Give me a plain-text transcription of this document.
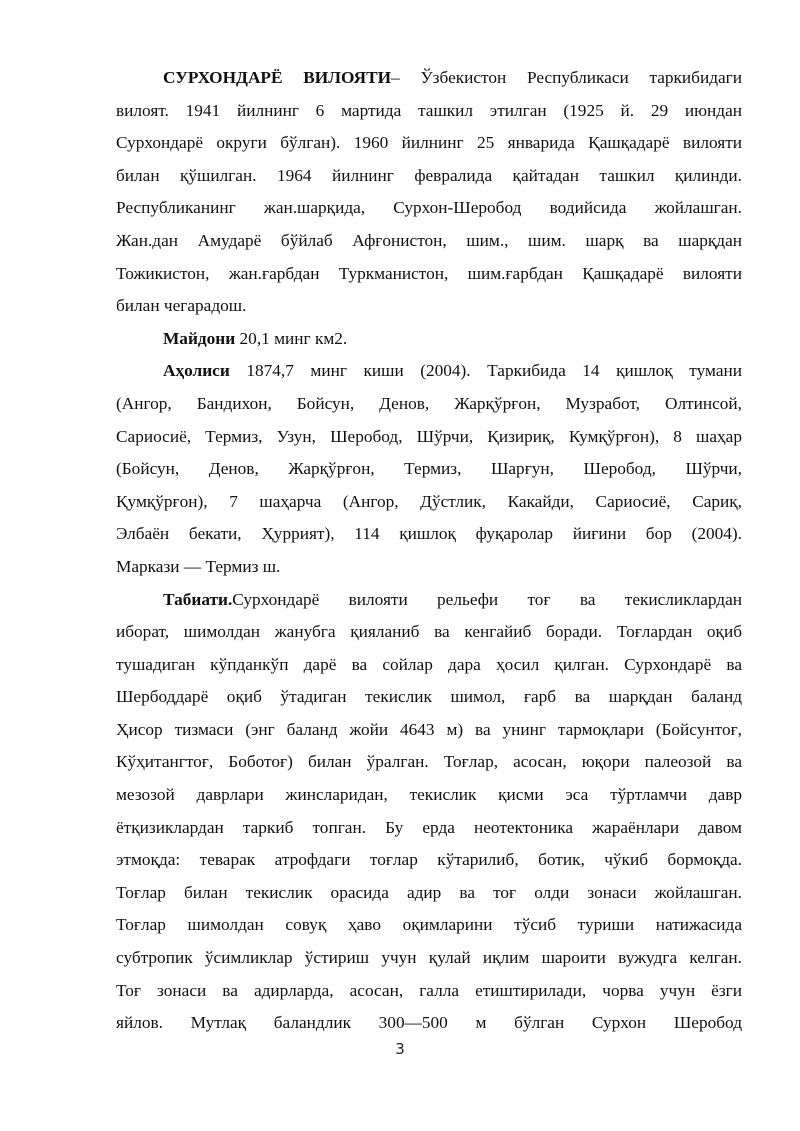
СУРХОНДАРЁ ВИЛОЯТИ– Ўзбекистон Республикаси таркибидаги
вилоят. 1941 йилнинг 6 мартида ташкил этилган (1925 й. 29 июндан
Сурхондарё округи бўлган). 1960 йилнинг 25 январида Қашқадарё вилояти
билан қўшилган. 1964 йилнинг февралида қайтадан ташкил қилинди.
Республиканинг жан.шарқида, Сурхон-Шеробод водийсида жойлашган.
Жан.дан Амударё бўйлаб Афғонистон, шим., шим. шарқ ва шарқдан
Тожикистон, жан.ғарбдан Туркманистон, шим.ғарбдан Қашқадарё вилояти
билан чегарадош.
Майдони 20,1 минг км2.
Аҳолиси 1874,7 минг киши (2004). Таркибида 14 қишлоқ тумани
(Ангор, Бандихон, Бойсун, Денов, Жарқўрғон, Музработ, Олтинсой,
Сариосиё, Термиз, Узун, Шеробод, Шўрчи, Қизириқ, Кумқўрғон), 8 шаҳар
(Бойсун, Денов, Жарқўрғон, Термиз, Шарғун, Шеробод, Шўрчи,
Қумқўрғон), 7 шаҳарча (Ангор, Дўстлик, Какайди, Сариосиё, Сариқ,
Элбаён бекати, Ҳуррият), 114 қишлоқ фуқаролар йиғини бор (2004).
Маркази — Термиз ш.
Табиати.Сурхондарё вилояти рельефи тоғ ва текисликлардан
иборат, шимолдан жанубга қияланиб ва кенгайиб боради. Тоғлардан оқиб
тушадиган кўпданкўп дарё ва сойлар дара ҳосил қилган. Сурхондарё ва
Шербоддарё оқиб ўтадиган текислик шимол, ғарб ва шарқдан баланд
Ҳисор тизмаси (энг баланд жойи 4643 м) ва унинг тармоқлари (Бойсунтоғ,
Кўҳитангтоғ, Боботоғ) билан ўралган. Тоғлар, асосан, юқори палеозой ва
мезозой даврлари жинсларидан, текислик қисми эса тўртламчи давр
ётқизиклардан таркиб топган. Бу ерда неотектоника жараёнлари давом
этмоқда: теварак атрофдаги тоғлар кўтарилиб, ботик, чўкиб бормоқда.
Тоғлар билан текислик орасида адир ва тоғ олди зонаси жойлашган.
Тоғлар шимолдан совуқ ҳаво оқимларини тўсиб туриши натижасида
субтропик ўсимликлар ўстириш учун қулай иқлим шароити вужудга келган.
Тоғ зонаси ва адирларда, асосан, галла етиштирилади, чорва учун ёзги
яйлов. Мутлақ баландлик 300—500 м бўлган Сурхон Шеробод
3
